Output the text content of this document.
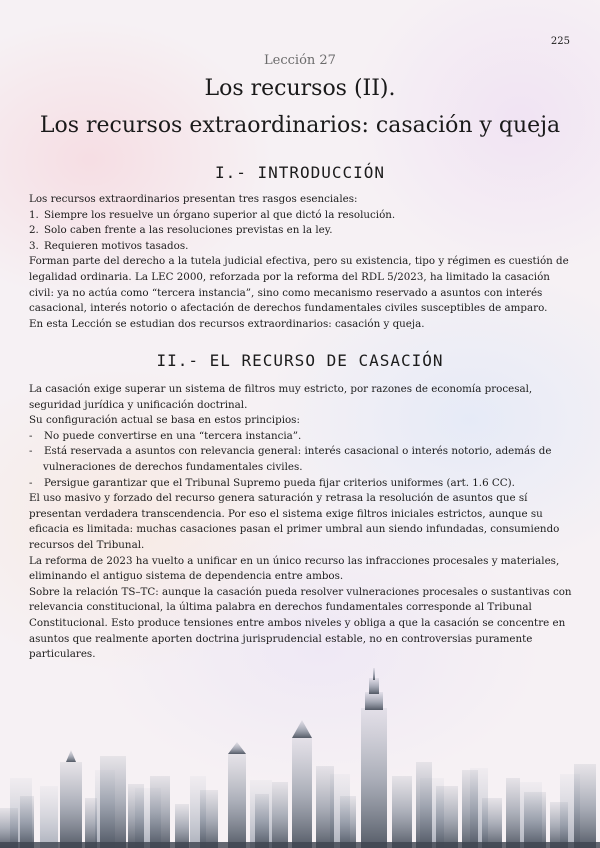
225
Lección 27
Los recursos (II).
Los recursos extraordinarios: casación y queja
I.- INTRODUCCIÓN

Los recursos extraordinarios presentan tres rasgos esenciales:

1. Siempre los resuelve un órgano superior al que dictó la resolución.
2. Solo caben frente a las resoluciones previstas en la ley.
3. Requieren motivos tasados.

Forman parte del derecho a la tutela judicial efectiva, pero su existencia, tipo y régimen es cuestión de legalidad ordinaria. La LEC 2000, reforzada por la reforma del RDL 5/2023, ha limitado la casación civil: ya no actúa como “tercera instancia”, sino como mecanismo reservado a asuntos con interés casacional, interés notorio o afectación de derechos fundamentales civiles susceptibles de amparo.

En esta Lección se estudian dos recursos extraordinarios: casación y queja.

II.- EL RECURSO DE CASACIÓN

La casación exige superar un sistema de filtros muy estricto, por razones de economía procesal, seguridad jurídica y unificación doctrinal.

Su configuración actual se basa en estos principios:

-	No puede convertirse en una “tercera instancia”.
-	Está reservada a asuntos con relevancia general: interés casacional o interés notorio, además de
vulneraciones de derechos fundamentales civiles.
-	Persigue garantizar que el Tribunal Supremo pueda fijar criterios uniformes (art. 1.6 CC).

El uso masivo y forzado del recurso genera saturación y retrasa la resolución de asuntos que sí presentan verdadera transcendencia. Por eso el sistema exige filtros iniciales estrictos, aunque su eficacia es limitada: muchas casaciones pasan el primer umbral aun siendo infundadas, consumiendo recursos del Tribunal.

La reforma de 2023 ha vuelto a unificar en un único recurso las infracciones procesales y materiales, eliminando el antiguo sistema de dependencia entre ambos.

Sobre la relación TS–TC: aunque la casación pueda resolver vulneraciones procesales o sustantivas con relevancia constitucional, la última palabra en derechos fundamentales corresponde al Tribunal Constitucional. Esto produce tensiones entre ambos niveles y obliga a que la casación se concentre en asuntos que realmente aporten doctrina jurisprudencial estable, no en controversias puramente particulares.
